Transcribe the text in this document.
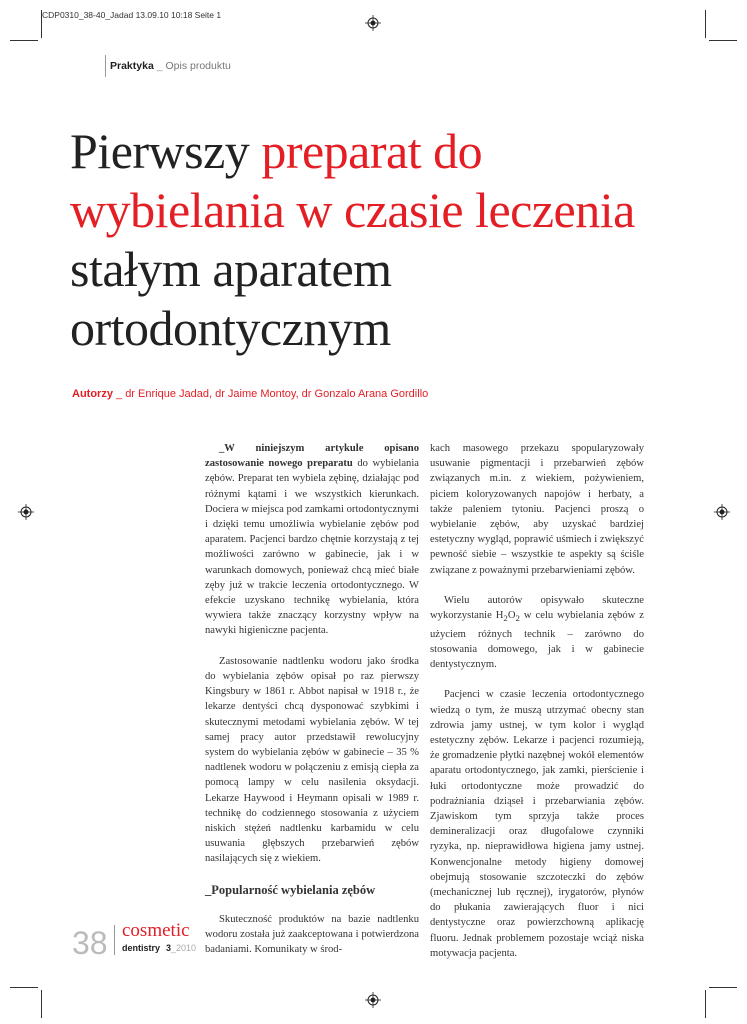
CDP0310_38-40_Jadad 13.09.10 10:18 Seite 1
Praktyka _ Opis produktu
Pierwszy preparat do wybielania w czasie leczenia stałym aparatem ortodontycznym
Autorzy _ dr Enrique Jadad, dr Jaime Montoy, dr Gonzalo Arana Gordillo

_W niniejszym artykule opisano zastosowanie nowego preparatu do wybielania zębów. Preparat ten wybiela zębinę, działając pod różnymi kątami i we wszystkich kierunkach. Dociera w miejsca pod zamkami ortodontycznymi i dzięki temu umożliwia wybielanie zębów pod aparatem. Pacjenci bardzo chętnie korzystają z tej możliwości zarówno w gabinecie, jak i w warunkach domowych, ponieważ chcą mieć białe zęby już w trakcie leczenia ortodontycznego. W efekcie uzyskano technikę wybielania, która wywiera także znaczący korzystny wpływ na nawyki higieniczne pacjenta.

Zastosowanie nadtlenku wodoru jako środka do wybielania zębów opisał po raz pierwszy Kingsbury w 1861 r. Abbot napisał w 1918 r., że lekarze dentyści chcą dysponować szybkimi i skutecznymi metodami wybielania zębów. W tej samej pracy autor przedstawił rewolucyjny system do wybielania zębów w gabinecie – 35 % nadtlenek wodoru w połączeniu z emisją ciepła za pomocą lampy w celu nasilenia oksydacji. Lekarze Haywood i Heymann opisali w 1989 r. technikę do codziennego stosowania z użyciem niskich stężeń nadtlenku karbamidu w celu usuwania głębszych przebarwień zębów nasilających się z wiekiem.

_Popularność wybielania zębów

Skuteczność produktów na bazie nadtlenku wodoru została już zaakceptowana i potwierdzona badaniami. Komunikaty w środ-

kach masowego przekazu spopularyzowały usuwanie pigmentacji i przebarwień zębów związanych m.in. z wiekiem, pożywieniem, piciem koloryzowanych napojów i herbaty, a także paleniem tytoniu. Pacjenci proszą o wybielanie zębów, aby uzyskać bardziej estetyczny wygląd, poprawić uśmiech i zwiększyć pewność siebie – wszystkie te aspekty są ściśle związane z poważnymi przebarwieniami zębów.

Wielu autorów opisywało skuteczne wykorzystanie $H_2O_2$ w celu wybielania zębów z użyciem różnych technik – zarówno do stosowania domowego, jak i w gabinecie dentystycznym.

Pacjenci w czasie leczenia ortodontycznego wiedzą o tym, że muszą utrzymać obecny stan zdrowia jamy ustnej, w tym kolor i wygląd estetyczny zębów. Lekarze i pacjenci rozumieją, że gromadzenie płytki nazębnej wokół elementów aparatu ortodontycznego, jak zamki, pierścienie i łuki ortodontyczne może prowadzić do podrażniania dziąseł i przebarwiania zębów. Zjawiskom tym sprzyja także proces demineralizacji oraz długofalowe czynniki ryzyka, np. nieprawidłowa higiena jamy ustnej. Konwencjonalne metody higieny domowej obejmują stosowanie szczoteczki do zębów (mechanicznej lub ręcznej), irygatorów, płynów do płukania zawierających fluor i nici dentystyczne oraz powierzchowną aplikację fluoru. Jednak problemem pozostaje wciąż niska motywacja pacjenta.

38 cosmetic
dentistry 3_2010
